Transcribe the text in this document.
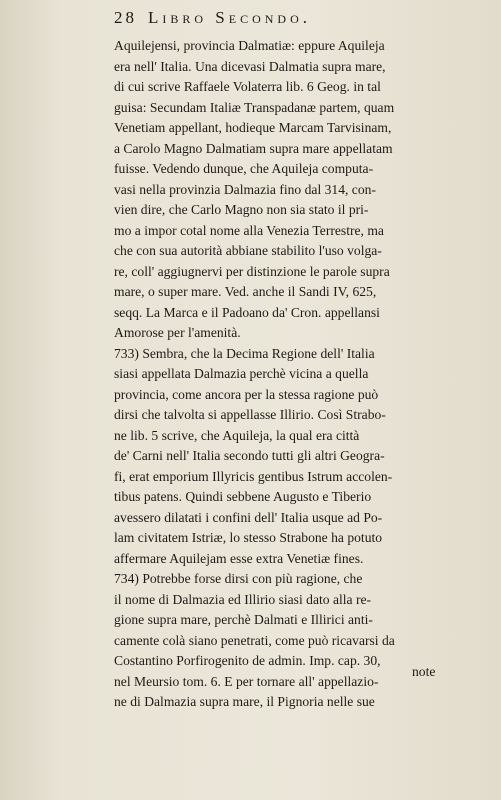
28 Libro Secondo.
Aquilejensi, provincia Dalmatiæ: eppure Aquileja
era nell' Italia. Una dicevasi Dalmatia supra mare,
di cui scrive Raffaele Volaterra lib. 6 Geog. in tal
guisa: Secundam Italiæ Transpadanæ partem, quam
Venetiam appellant, hodieque Marcam Tarvisinam,
a Carolo Magno Dalmatiam supra mare appellatam
fuisse. Vedendo dunque, che Aquileja computa-
vasi nella provinzia Dalmazia fino dal 314, con-
vien dire, che Carlo Magno non sia stato il pri-
mo a impor cotal nome alla Venezia Terrestre, ma
che con sua autorità abbiane stabilito l'uso volga-
re, coll' aggiugnervi per distinzione le parole supra
mare, o super mare. Ved. anche il Sandi IV, 625,
seqq. La Marca e il Padoano da' Cron. appellansi
Amorose per l'amenità.
733) Sembra, che la Decima Regione dell' Italia
siasi appellata Dalmazia perchè vicina a quella
provincia, come ancora per la stessa ragione può
dirsi che talvolta si appellasse Illirio. Così Strabo-
ne lib. 5 scrive, che Aquileja, la qual era città
de' Carni nell' Italia secondo tutti gli altri Geogra-
fi, erat emporium Illyricis gentibus Istrum accolen-
tibus patens. Quindi sebbene Augusto e Tiberio
avessero dilatati i confini dell' Italia usque ad Po-
lam civitatem Istriæ, lo stesso Strabone ha potuto
affermare Aquilejam esse extra Venetiæ fines.
734) Potrebbe forse dirsi con più ragione, che
il nome di Dalmazia ed Illirio siasi dato alla re-
gione supra mare, perchè Dalmati e Illirici anti-
camente colà siano penetrati, come può ricavarsi da
Costantino Porfirogenito de admin. Imp. cap. 30,
nel Meursio tom. 6. E per tornare all' appellazio-
ne di Dalmazia supra mare, il Pignoria nelle sue
note
